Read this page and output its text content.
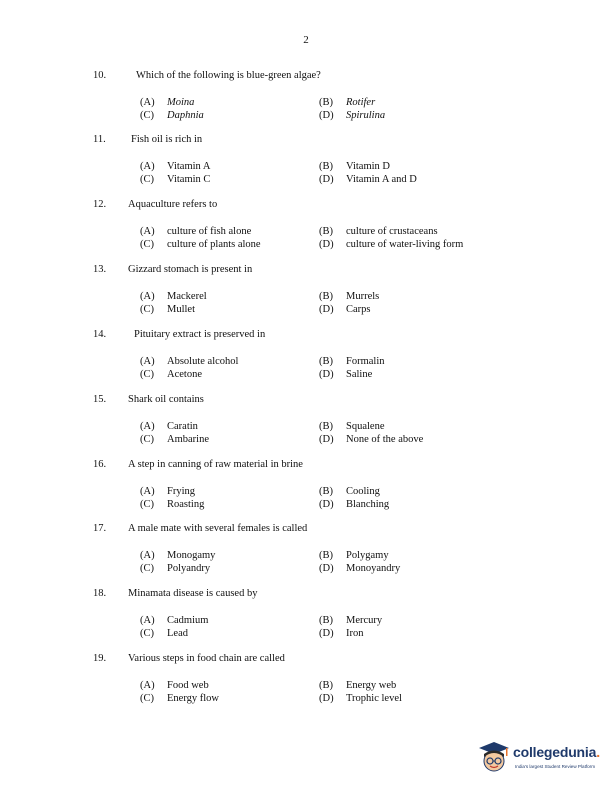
2
10.	Which of the following is blue-green algae?
(A) Moina	(B) Rotifer
(C) Daphnia	(D) Spirulina
11. Fish oil is rich in
(A) Vitamin A	(B) Vitamin D
(C) Vitamin C	(D) Vitamin A and D
12. Aquaculture refers to
(A) culture of fish alone	(B) culture of crustaceans
(C) culture of plants alone	(D) culture of water-living form
13. Gizzard stomach is present in
(A) Mackerel	(B) Murrels
(C) Mullet	(D) Carps
14.	Pituitary extract is preserved in
(A) Absolute alcohol	(B) Formalin
(C) Acetone	(D) Saline
15. Shark oil contains
(A) Caratin	(B) Squalene
(C) Ambarine	(D) None of the above
16. A step in canning of raw material in brine
(A) Frying	(B) Cooling
(C) Roasting	(D) Blanching
17. A male mate with several females is called
(A) Monogamy	(B) Polygamy
(C) Polyandry	(D) Monoyandry
18. Minamata disease is caused by
(A) Cadmium	(B) Mercury
(C) Lead	(D) Iron
19. Various steps in food chain are called
(A) Food web	(B) Energy web
(C) Energy flow	(D) Trophic level
collegedunia.
India's largest Student Review Platform
